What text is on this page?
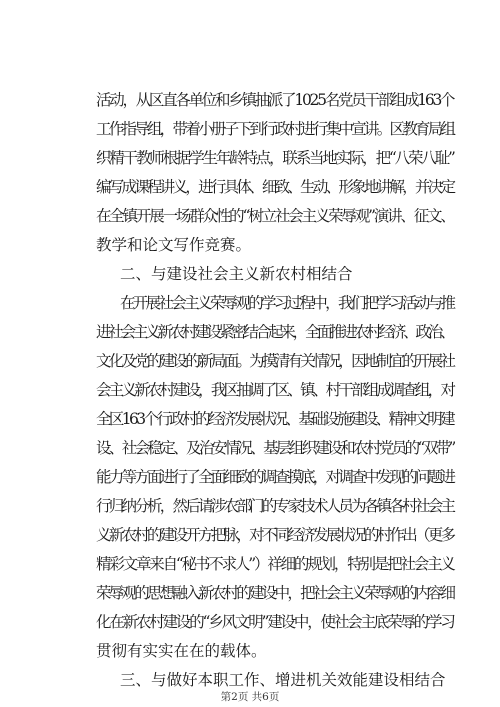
活动，从区直各单位和乡镇抽派了1025名党员干部组成163个
工作指导组，带着小册子下到行政村进行集中宣讲。区教育局组
织精干教师根据学生年龄特点，联系当地实际，把“八荣八耻”
编写成课程讲义，进行具体、细致、生动、形象地讲解，并决定
在全镇开展一场群众性的“树立社会主义荣辱观”演讲、征文、
教学和论文写作竞赛。
二、与建设社会主义新农村相结合
在开展社会主义荣辱观的学习过程中，我们把学习活动与推
进社会主义新农村建设紧密结合起来，全面推进农村经济、政治、
文化及党的建设的新局面。为摸清有关情况，因地制宜的开展社
会主义新农村建设，我区抽调了区、镇、村干部组成调查组，对
全区163个行政村的经济发展状况、基础设施建设、精神文明建
设、社会稳定、及治安情况、基层组织建设和农村党员的“双带”
能力等方面进行了全面细致的调查摸底，对调查中发现的问题进
行归纳分析，然后请涉农部门的专家技术人员为各镇各村社会主
义新农村的建设开方把脉，对不同经济发展状况的村作出（更多
精彩文章来自“秘书不求人”）祥细的规划，特别是把社会主义
荣辱观的思想融入新农村的建设中，把社会主义荣辱观的内容细
化在新农村建设的“乡风文明”建设中，使社会主底荣辱的学习
贯彻有实实在在的载体。
三、与做好本职工作、增进机关效能建设相结合
第2页 共6页
